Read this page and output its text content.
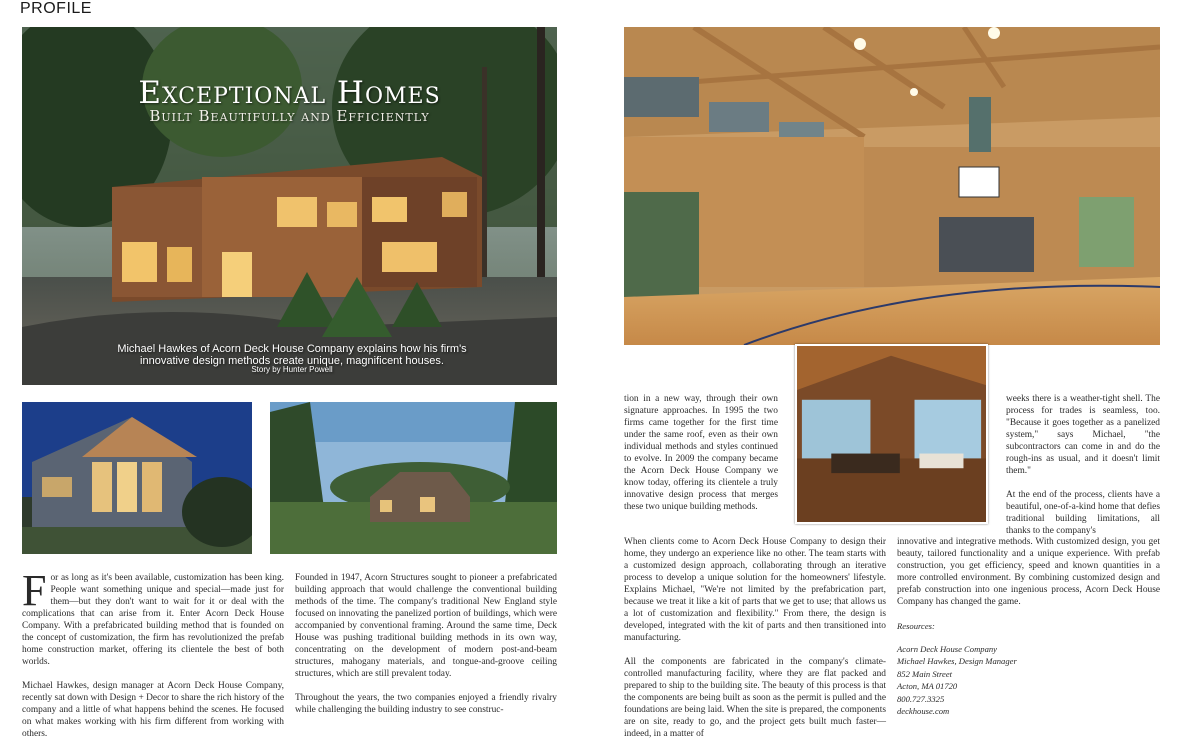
PROFILE
Exceptional Homes
Built Beautifully and Efficiently
Michael Hawkes of Acorn Deck House Company explains how his firm's innovative design methods create unique, magnificent houses.
Story by Hunter Powell

For as long as it's been available, customization has been king. People want something unique and special—made just for them—but they don't want to wait for it or deal with the complications that can arise from it. Enter Acorn Deck House Company. With a prefabricated building method that is founded on the concept of customization, the firm has revolutionized the prefab home construction market, offering its clientele the best of both worlds.

Michael Hawkes, design manager at Acorn Deck House Company, recently sat down with Design + Decor to share the rich history of the company and a little of what happens behind the scenes. He focused on what makes working with his firm different from working with others.

Founded in 1947, Acorn Structures sought to pioneer a prefabricated building approach that would challenge the conventional building methods of the time. The company's traditional New England style focused on innovating the panelized portion of buildings, which were accompanied by conventional framing. Around the same time, Deck House was pushing traditional building methods in its own way, concentrating on the development of modern post-and-beam structures, mahogany materials, and tongue-and-groove ceiling structures, which are still prevalent today.

Throughout the years, the two companies enjoyed a friendly rivalry while challenging the building industry to see construc-

tion in a new way, through their own signature approaches. In 1995 the two firms came together for the first time under the same roof, even as their own individual methods and styles continued to evolve. In 2009 the company became the Acorn Deck House Company we know today, offering its clientele a truly innovative design process that merges these two unique building methods.

When clients come to Acorn Deck House Company to design their home, they undergo an experience like no other. The team starts with a customized design approach, collaborating through an iterative process to develop a unique solution for the homeowners' lifestyle. Explains Michael, "We're not limited by the prefabrication part, because we treat it like a kit of parts that we get to use; that allows us a lot of customization and flexibility." From there, the design is developed, integrated with the kit of parts and then transitioned into manufacturing.

All the components are fabricated in the company's climate-controlled manufacturing facility, where they are flat packed and prepared to ship to the building site. The beauty of this process is that the components are being built as soon as the permit is pulled and the foundations are being laid. When the site is prepared, the components are on site, ready to go, and the project gets built much faster—indeed, in a matter of

weeks there is a weather-tight shell. The process for trades is seamless, too. "Because it goes together as a panelized system," says Michael, "the subcontractors can come in and do the rough-ins as usual, and it doesn't limit them."

At the end of the process, clients have a beautiful, one-of-a-kind home that defies traditional building limitations, all thanks to the company's

innovative and integrative methods. With customized design, you get beauty, tailored functionality and a unique experience. With prefab construction, you get efficiency, speed and known quantities in a more controlled environment. By combining customized design and prefab construction into one ingenious process, Acorn Deck House Company has changed the game.

Resources:
Acorn Deck House Company
Michael Hawkes, Design Manager
852 Main Street
Acton, MA 01720
800.727.3325
deckhouse.com
